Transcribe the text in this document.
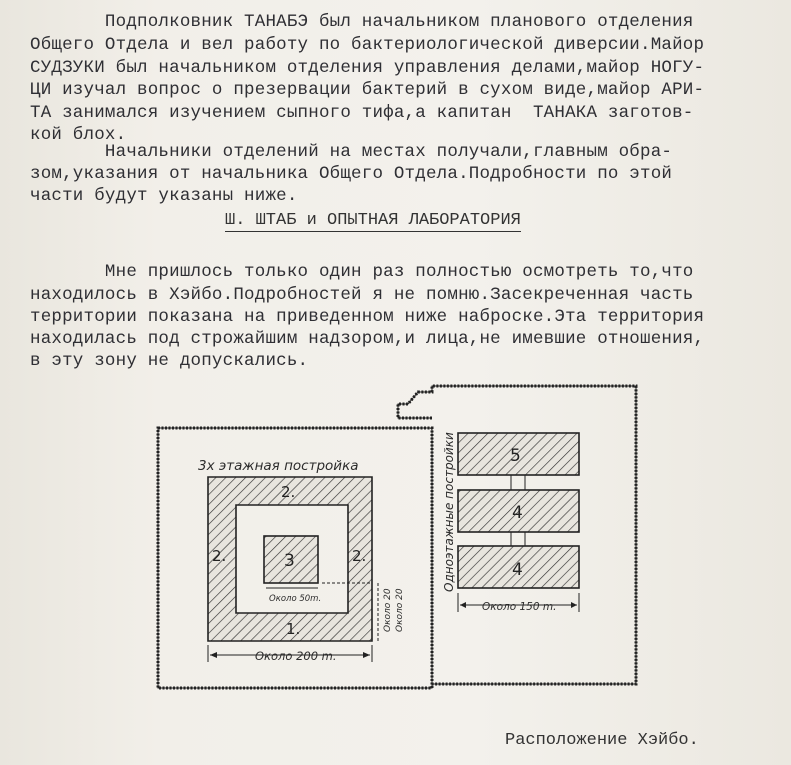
Подполковник ТАНАБЭ был начальником планового отделения
Общего Отдела и вел работу по бактериологической диверсии.Майор
СУДЗУКИ был начальником отделения управления делами,майор НОГУ-
ЦИ изучал вопрос о презервации бактерий в сухом виде,майор АРИ-
ТА занимался изучением сыпного тифа,а капитан  ТАНАКА заготов-
кой блох.
Начальники отделений на местах получали,главным обра-
зом,указания от начальника Общего Отдела.Подробности по этой
части будут указаны ниже.
Ш. ШТАБ и ОПЫТНАЯ ЛАБОРАТОРИЯ
Мне пришлось только один раз полностью осмотреть то,что
находилось в Хэйбо.Подробностей я не помню.Засекреченная часть
территории показана на приведенном ниже наброске.Эта территория
находилась под строжайшим надзором,и лица,не имевшие отношения,
в эту зону не допускались.
3х этажная постройка
2.
2.	2.
1.
3
Около 50m.	Около 20 Около 20
Около 200 m.
Одноэтажные постройки	5
4
4
Около 150 m.
Расположение Хэйбо.
